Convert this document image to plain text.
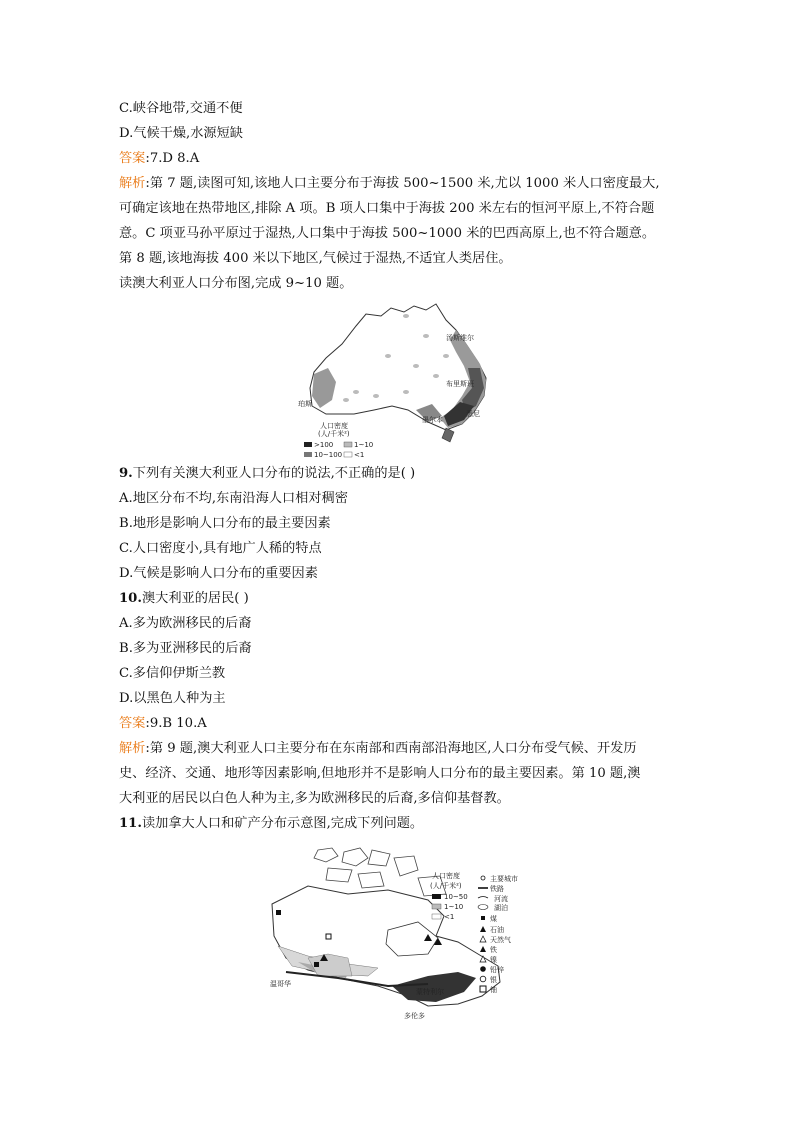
C.峡谷地带,交通不便
D.气候干燥,水源短缺
答案:7.D 8.A
解析:第 7 题,读图可知,该地人口主要分布于海拔 500~1500 米,尤以 1000 米人口密度最大,
可确定该地在热带地区,排除 A 项。B 项人口集中于海拔 200 米左右的恒河平原上,不符合题
意。C 项亚马孙平原过于湿热,人口集中于海拔 500~1000 米的巴西高原上,也不符合题意。
第 8 题,该地海拔 400 米以下地区,气候过于湿热,不适宜人类居住。
读澳大利亚人口分布图,完成 9~10 题。
汤斯维尔
布里斯班
珀斯
墨尔本
悉尼
人口密度
(人/千米²)
>100	1~10
10~100 <1
9.下列有关澳大利亚人口分布的说法,不正确的是( )
A.地区分布不均,东南沿海人口相对稠密
B.地形是影响人口分布的最主要因素
C.人口密度小,具有地广人稀的特点
D.气候是影响人口分布的重要因素
10.澳大利亚的居民( )
A.多为欧洲移民的后裔
B.多为亚洲移民的后裔
C.多信仰伊斯兰教
D.以黑色人种为主
答案:9.B 10.A
解析:第 9 题,澳大利亚人口主要分布在东南部和西南部沿海地区,人口分布受气候、开发历
史、经济、交通、地形等因素影响,但地形并不是影响人口分布的最主要因素。第 10 题,澳
大利亚的居民以白色人种为主,多为欧洲移民的后裔,多信仰基督教。
11.读加拿大人口和矿产分布示意图,完成下列问题。
温哥华
蒙特利尔
多伦多
人口密度
(人/千米²)
10~50
1~10
<1
主要城市
铁路
河流
湖泊
煤
石油
天然气
铁
镍
铅锌
银
铀
